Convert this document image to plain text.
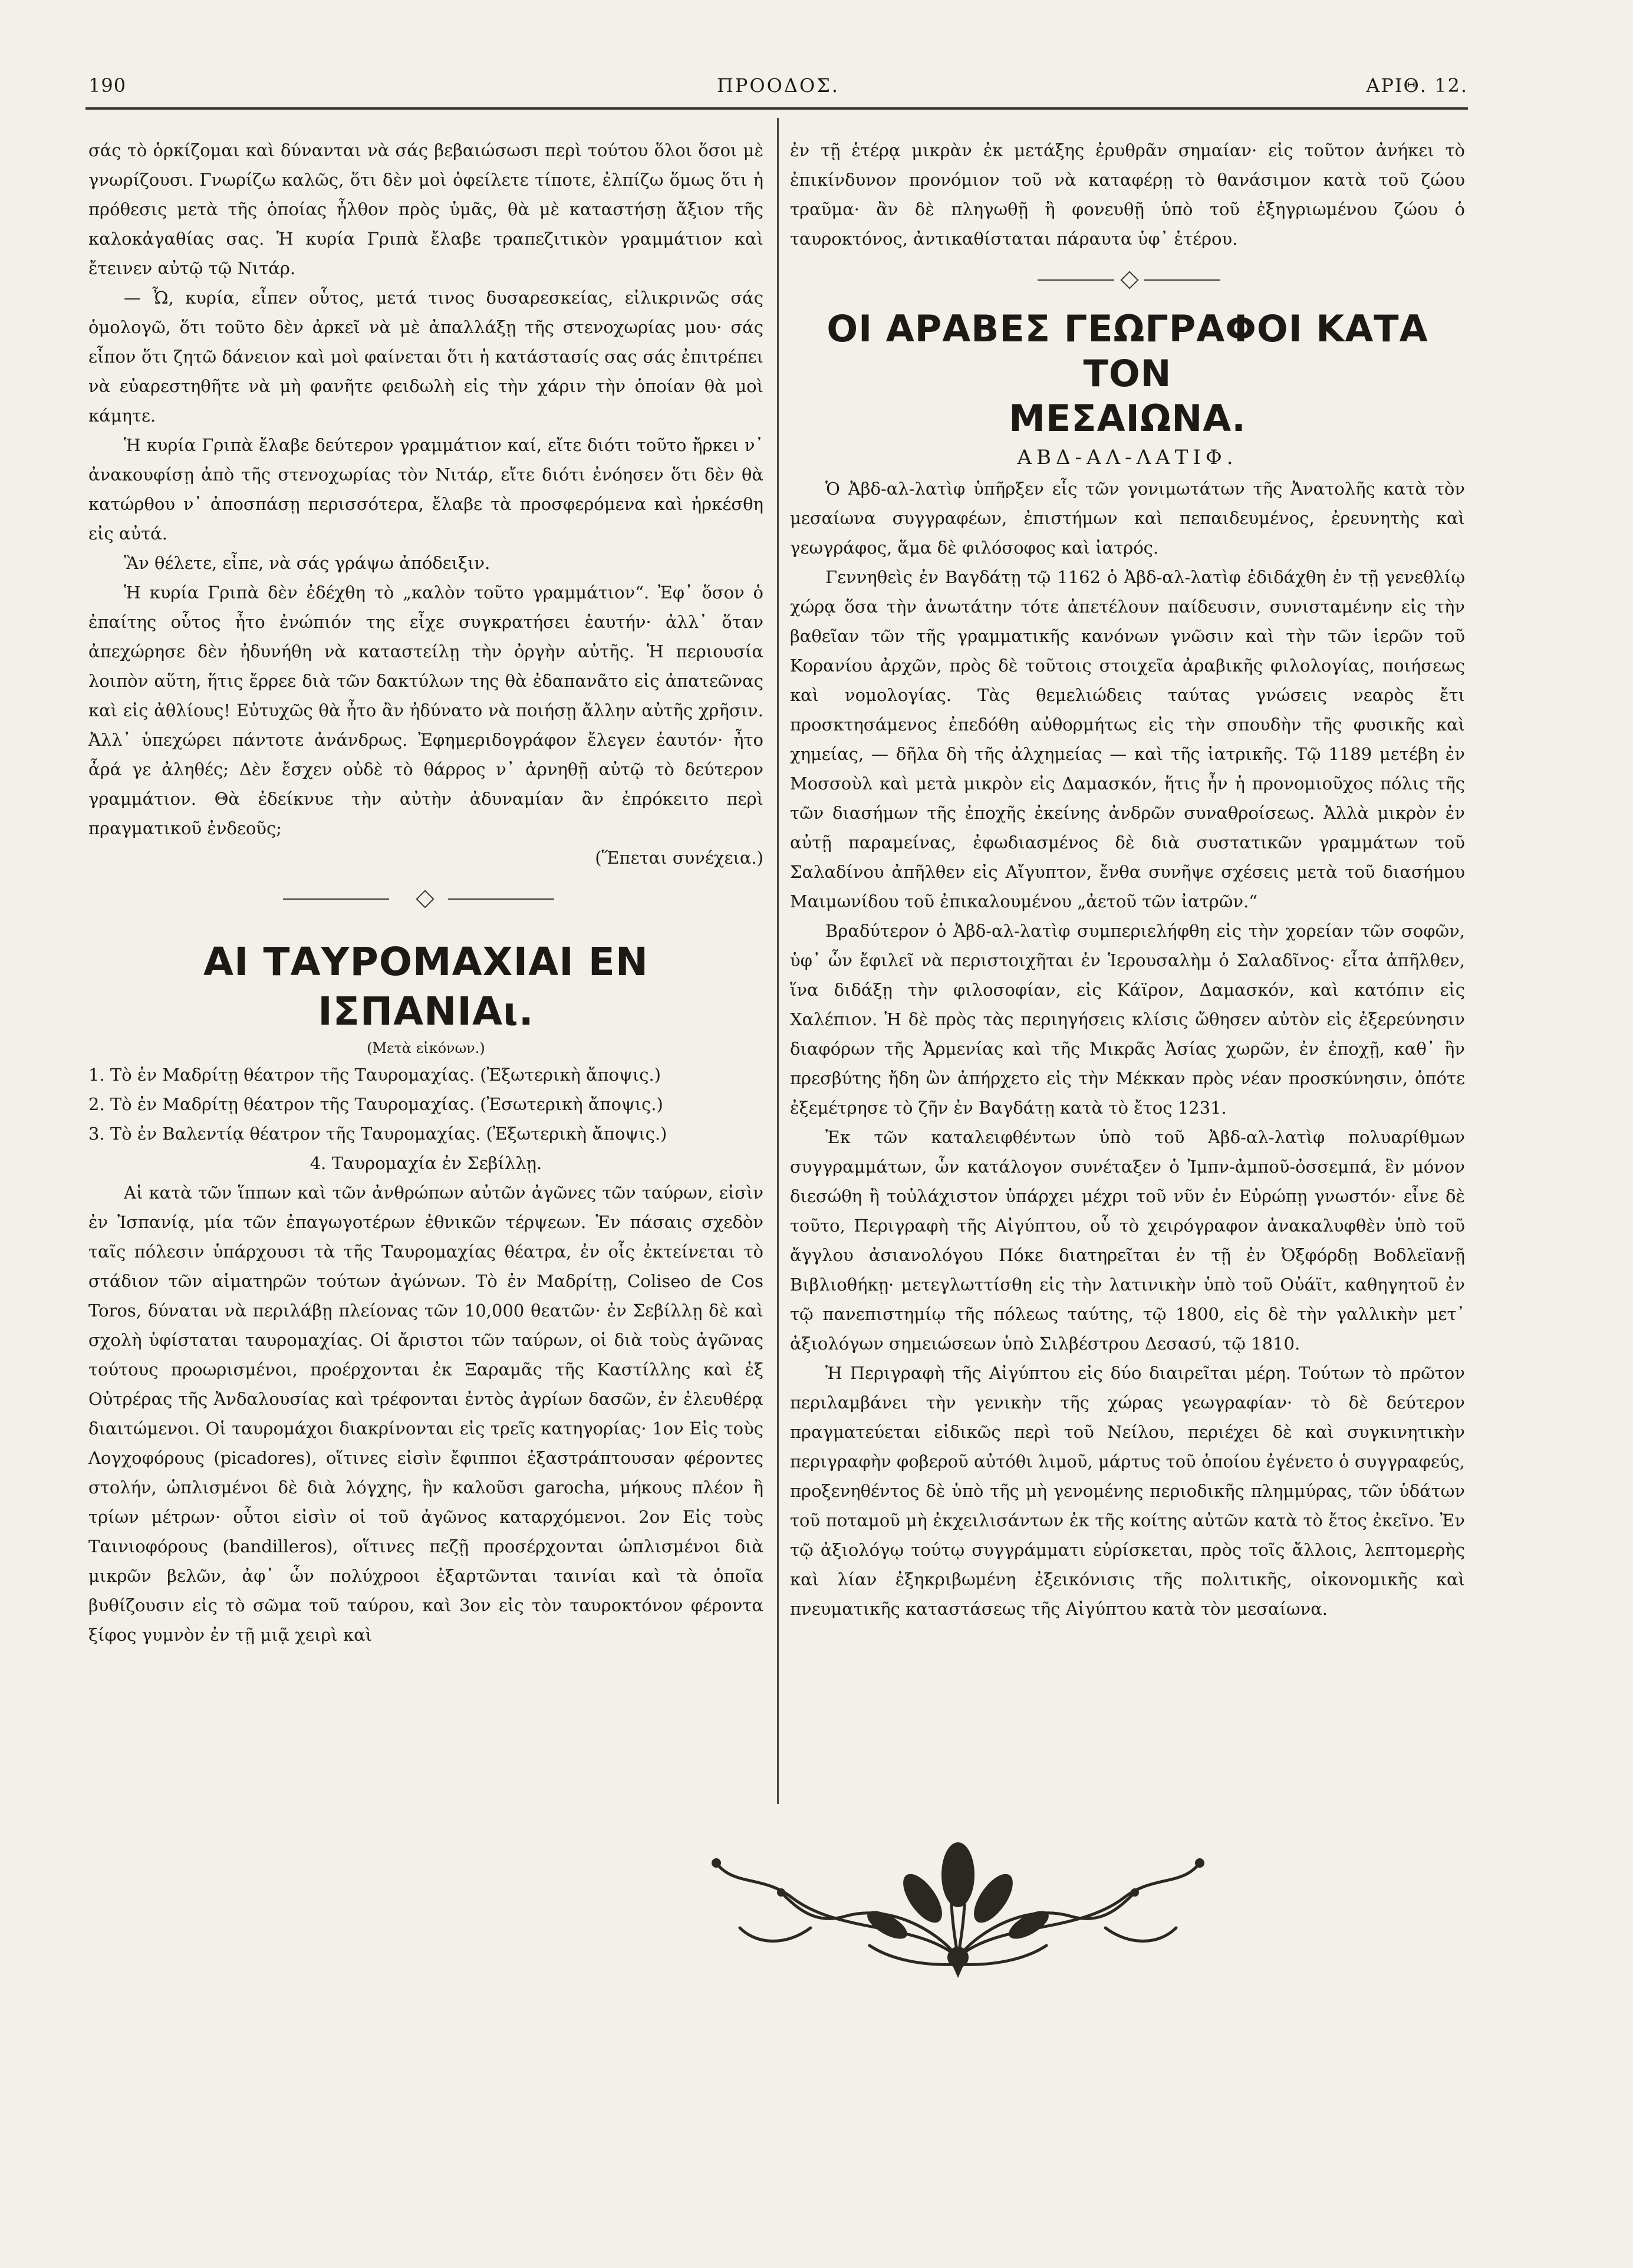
190	ΠΡΟΟΔΟΣ.	ΑΡΙΘ. 12.

σάς τὸ ὁρκίζομαι καὶ δύνανται νὰ σάς βεβαιώσωσι περὶ τούτου ὅλοι ὅσοι μὲ γνωρίζουσι. Γνωρίζω καλῶς, ὅτι δὲν μοὶ ὀφείλετε τίποτε, ἐλπίζω ὅμως ὅτι ἡ πρόθεσις μετὰ τῆς ὁποίας ἦλθον πρὸς ὑμᾶς, θὰ μὲ καταστήσῃ ἄξιον τῆς καλοκἀγαθίας σας. Ἡ κυρία Γριπὰ ἔλαβε τραπεζιτικὸν γραμμάτιον καὶ ἔτεινεν αὐτῷ τῷ Νιτάρ.

— Ὦ, κυρία, εἶπεν οὗτος, μετά τινος δυσαρεσκείας, εἰλικρινῶς σάς ὁμολογῶ, ὅτι τοῦτο δὲν ἀρκεῖ νὰ μὲ ἀπαλλάξῃ τῆς στενοχωρίας μου· σάς εἶπον ὅτι ζητῶ δάνειον καὶ μοὶ φαίνεται ὅτι ἡ κατάστασίς σας σάς ἐπιτρέπει νὰ εὐαρεστηθῆτε νὰ μὴ φανῆτε φειδωλὴ εἰς τὴν χάριν τὴν ὁποίαν θὰ μοὶ κάμητε.

Ἡ κυρία Γριπὰ ἔλαβε δεύτερον γραμμάτιον καί, εἴτε διότι τοῦτο ἤρκει ν᾽ ἀνακουφίσῃ ἀπὸ τῆς στενοχωρίας τὸν Νιτάρ, εἴτε διότι ἐνόησεν ὅτι δὲν θὰ κατώρθου ν᾽ ἀποσπάσῃ περισσότερα, ἔλαβε τὰ προσφερόμενα καὶ ἠρκέσθη εἰς αὐτά.

Ἂν θέλετε, εἶπε, νὰ σάς γράψω ἀπόδειξιν.

Ἡ κυρία Γριπὰ δὲν ἐδέχθη τὸ „καλὸν τοῦτο γραμμάτιον“. Ἐφ᾽ ὅσον ὁ ἐπαίτης οὗτος ἦτο ἐνώπιόν της εἶχε συγκρατήσει ἑαυτήν· ἀλλ᾽ ὅταν ἀπεχώρησε δὲν ἠδυνήθη νὰ καταστείλῃ τὴν ὀργὴν αὐτῆς. Ἡ περιουσία λοιπὸν αὕτη, ἥτις ἔρρεε διὰ τῶν δακτύλων της θὰ ἐδαπανᾶτο εἰς ἀπατεῶνας καὶ εἰς ἀθλίους! Εὐτυχῶς θὰ ἦτο ἂν ἠδύνατο νὰ ποιήσῃ ἄλλην αὐτῆς χρῆσιν. Ἀλλ᾽ ὑπεχώρει πάντοτε ἀνάνδρως. Ἐφημεριδογράφον ἔλεγεν ἑαυτόν· ἦτο ἆρά γε ἀληθές; Δὲν ἔσχεν οὐδὲ τὸ θάρρος ν᾽ ἀρνηθῇ αὐτῷ τὸ δεύτερον γραμμάτιον. Θὰ ἐδείκνυε τὴν αὐτὴν ἀδυναμίαν ἂν ἐπρόκειτο περὶ πραγματικοῦ ἐνδεοῦς;

(Ἕπεται συνέχεια.)

ΑΙ ΤΑΥΡΟΜΑΧΙΑΙ ΕΝ ΙΣΠΑΝΙΑι.
(Μετὰ εἰκόνων.)

1. Τὸ ἐν Μαδρίτῃ θέατρον τῆς Ταυρομαχίας. (Ἐξωτερικὴ ἄποψις.)

2. Τὸ ἐν Μαδρίτῃ θέατρον τῆς Ταυρομαχίας. (Ἐσωτερικὴ ἄποψις.)

3. Τὸ ἐν Βαλεντίᾳ θέατρον τῆς Ταυρομαχίας. (Ἐξωτερικὴ ἄποψις.)

4. Ταυρομαχία ἐν Σεβίλλῃ.

Αἱ κατὰ τῶν ἵππων καὶ τῶν ἀνθρώπων αὐτῶν ἀγῶνες τῶν ταύρων, εἰσὶν ἐν Ἰσπανίᾳ, μία τῶν ἐπαγωγοτέρων ἐθνικῶν τέρψεων. Ἐν πάσαις σχεδὸν ταῖς πόλεσιν ὑπάρχουσι τὰ τῆς Ταυρομαχίας θέατρα, ἐν οἷς ἐκτείνεται τὸ στάδιον τῶν αἱματηρῶν τούτων ἀγώνων. Τὸ ἐν Μαδρίτῃ, Coliseo de Cos Toros, δύναται νὰ περιλάβῃ πλείονας τῶν 10,000 θεατῶν· ἐν Σεβίλλῃ δὲ καὶ σχολὴ ὑφίσταται ταυρομαχίας. Οἱ ἄριστοι τῶν ταύρων, οἱ διὰ τοὺς ἀγῶνας τούτους προωρισμένοι, προέρχονται ἐκ Ξαραμᾶς τῆς Καστίλλης καὶ ἐξ Οὐτρέρας τῆς Ἀνδαλουσίας καὶ τρέφονται ἐντὸς ἀγρίων δασῶν, ἐν ἐλευθέρᾳ διαιτώμενοι. Οἱ ταυρομάχοι διακρίνονται εἰς τρεῖς κατηγορίας· 1ον Εἰς τοὺς Λογχοφόρους (picadores), οἵτινες εἰσὶν ἔφιπποι ἐξαστράπτουσαν φέροντες στολήν, ὡπλισμένοι δὲ διὰ λόγχης, ἣν καλοῦσι garocha, μήκους πλέον ἢ τρίων μέτρων· οὗτοι εἰσὶν οἱ τοῦ ἀγῶνος καταρχόμενοι. 2ον Εἰς τοὺς Ταινιοφόρους (bandilleros), οἵτινες πεζῇ προσέρχονται ὡπλισμένοι διὰ μικρῶν βελῶν, ἀφ᾽ ὧν πολύχροοι ἐξαρτῶνται ταινίαι καὶ τὰ ὁποῖα βυθίζουσιν εἰς τὸ σῶμα τοῦ ταύρου, καὶ 3ον εἰς τὸν ταυροκτόνον φέροντα ξίφος γυμνὸν ἐν τῇ μιᾷ χειρὶ καὶ

ἐν τῇ ἑτέρᾳ μικρὰν ἐκ μετάξης ἐρυθρᾶν σημαίαν· εἰς τοῦτον ἀνήκει τὸ ἐπικίνδυνον προνόμιον τοῦ νὰ καταφέρῃ τὸ θανάσιμον κατὰ τοῦ ζώου τραῦμα· ἂν δὲ πληγωθῇ ἢ φονευθῇ ὑπὸ τοῦ ἐξηγριωμένου ζώου ὁ ταυροκτόνος, ἀντικαθίσταται πάραυτα ὑφ᾽ ἑτέρου.

ΟΙ ΑΡΑΒΕΣ ΓΕΩΓΡΑΦΟΙ ΚΑΤΑ ΤΟΝ
ΜΕΣΑΙΩΝΑ.
ΑΒΔ-ΑΛ-ΛΑΤΙΦ.

Ὁ Ἀβδ-αλ-λατὶφ ὑπῆρξεν εἷς τῶν γονιμωτάτων τῆς Ἀνατολῆς κατὰ τὸν μεσαίωνα συγγραφέων, ἐπιστήμων καὶ πεπαιδευμένος, ἐρευνητὴς καὶ γεωγράφος, ἅμα δὲ φιλόσοφος καὶ ἰατρός.

Γεννηθεὶς ἐν Βαγδάτῃ τῷ 1162 ὁ Ἀβδ-αλ-λατὶφ ἐδιδάχθη ἐν τῇ γενεθλίῳ χώρᾳ ὅσα τὴν ἀνωτάτην τότε ἀπετέλουν παίδευσιν, συνισταμένην εἰς τὴν βαθεῖαν τῶν τῆς γραμματικῆς κανόνων γνῶσιν καὶ τὴν τῶν ἱερῶν τοῦ Κορανίου ἀρχῶν, πρὸς δὲ τοῦτοις στοιχεῖα ἀραβικῆς φιλολογίας, ποιήσεως καὶ νομολογίας. Τὰς θεμελιώδεις ταύτας γνώσεις νεαρὸς ἔτι προσκτησάμενος ἐπεδόθη αὐθορμήτως εἰς τὴν σπουδὴν τῆς φυσικῆς καὶ χημείας, — δῆλα δὴ τῆς ἀλχημείας — καὶ τῆς ἰατρικῆς. Τῷ 1189 μετέβη ἐν Μοσσοὺλ καὶ μετὰ μικρὸν εἰς Δαμασκόν, ἥτις ἦν ἡ προνομιοῦχος πόλις τῆς τῶν διασήμων τῆς ἐποχῆς ἐκείνης ἀνδρῶν συναθροίσεως. Ἀλλὰ μικρὸν ἐν αὐτῇ παραμείνας, ἐφωδιασμένος δὲ διὰ συστατικῶν γραμμάτων τοῦ Σαλαδίνου ἀπῆλθεν εἰς Αἴγυπτον, ἔνθα συνῆψε σχέσεις μετὰ τοῦ διασήμου Μαιμωνίδου τοῦ ἐπικαλουμένου „ἀετοῦ τῶν ἰατρῶν.“

Βραδύτερον ὁ Ἀβδ-αλ-λατὶφ συμπεριελήφθη εἰς τὴν χορείαν τῶν σοφῶν, ὑφ᾽ ὧν ἔφιλεῖ νὰ περιστοιχῆται ἐν Ἱερουσαλὴμ ὁ Σαλαδῖνος· εἶτα ἀπῆλθεν, ἵνα διδάξῃ τὴν φιλοσοφίαν, εἰς Κάϊρον, Δαμασκόν, καὶ κατόπιν εἰς Χαλέπιον. Ἡ δὲ πρὸς τὰς περιηγήσεις κλίσις ὤθησεν αὐτὸν εἰς ἐξερεύνησιν διαφόρων τῆς Ἀρμενίας καὶ τῆς Μικρᾶς Ἀσίας χωρῶν, ἐν ἐποχῇ, καθ᾽ ἣν πρεσβύτης ἤδη ὢν ἀπήρχετο εἰς τὴν Μέκκαν πρὸς νέαν προσκύνησιν, ὁπότε ἐξεμέτρησε τὸ ζῆν ἐν Βαγδάτῃ κατὰ τὸ ἔτος 1231.

Ἐκ τῶν καταλειφθέντων ὑπὸ τοῦ Ἀβδ-αλ-λατὶφ πολυαρίθμων συγγραμμάτων, ὧν κατάλογον συνέταξεν ὁ Ἰμπν-ἀμποῦ-ὀσσεμπά, ἓν μόνον διεσώθη ἢ τοὐλάχιστον ὑπάρχει μέχρι τοῦ νῦν ἐν Εὐρώπῃ γνωστόν· εἶνε δὲ τοῦτο, Περιγραφὴ τῆς Αἰγύπτου, οὗ τὸ χειρόγραφον ἀνακαλυφθὲν ὑπὸ τοῦ ἄγγλου ἀσιανολόγου Πόκε διατηρεῖται ἐν τῇ ἐν Ὀξφόρδῃ Βοδλεϊανῇ Βιβλιοθήκῃ· μετεγλωττίσθη εἰς τὴν λατινικὴν ὑπὸ τοῦ Οὐάϊτ, καθηγητοῦ ἐν τῷ πανεπιστημίῳ τῆς πόλεως ταύτης, τῷ 1800, εἰς δὲ τὴν γαλλικὴν μετ᾽ ἀξιολόγων σημειώσεων ὑπὸ Σιλβέστρου Δεσασύ, τῷ 1810.

Ἡ Περιγραφὴ τῆς Αἰγύπτου εἰς δύο διαιρεῖται μέρη. Τούτων τὸ πρῶτον περιλαμβάνει τὴν γενικὴν τῆς χώρας γεωγραφίαν· τὸ δὲ δεύτερον πραγματεύεται εἰδικῶς περὶ τοῦ Νείλου, περιέχει δὲ καὶ συγκινητικὴν περιγραφὴν φοβεροῦ αὐτόθι λιμοῦ, μάρτυς τοῦ ὁποίου ἐγένετο ὁ συγγραφεύς, προξενηθέντος δὲ ὑπὸ τῆς μὴ γενομένης περιοδικῆς πλημμύρας, τῶν ὑδάτων τοῦ ποταμοῦ μὴ ἐκχειλισάντων ἐκ τῆς κοίτης αὐτῶν κατὰ τὸ ἔτος ἐκεῖνο. Ἐν τῷ ἀξιολόγῳ τούτῳ συγγράμματι εὑρίσκεται, πρὸς τοῖς ἄλλοις, λεπτομερὴς καὶ λίαν ἐξηκριβωμένη ἐξεικόνισις τῆς πολιτικῆς, οἰκονομικῆς καὶ πνευματικῆς καταστάσεως τῆς Αἰγύπτου κατὰ τὸν μεσαίωνα.
